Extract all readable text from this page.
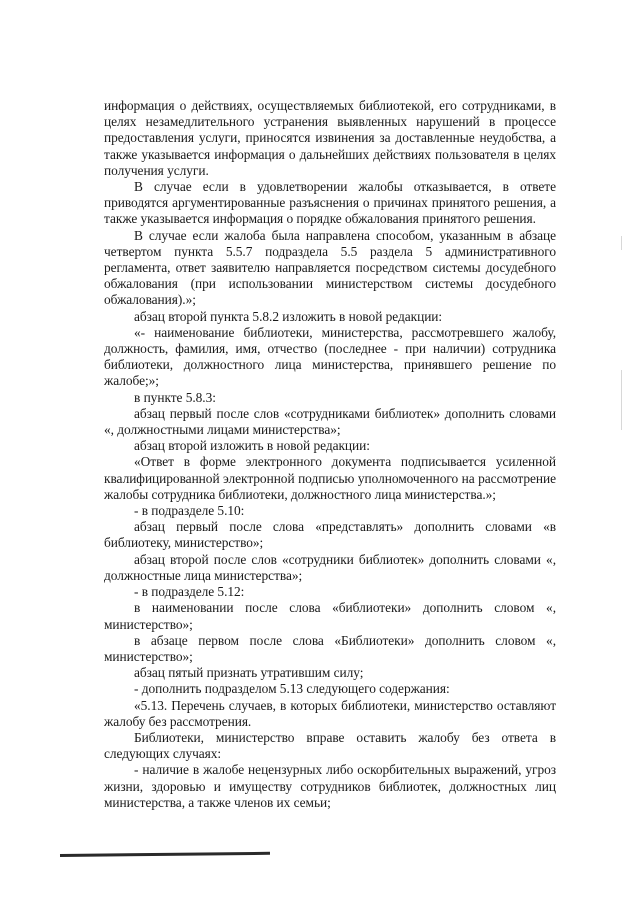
информация о действиях, осуществляемых библиотекой, его сотрудниками, в целях незамедлительного устранения выявленных нарушений в процессе предоставления услуги, приносятся извинения за доставленные неудобства, а также указывается информация о дальнейших действиях пользователя в целях получения услуги.

В случае если в удовлетворении жалобы отказывается, в ответе приводятся аргументированные разъяснения о причинах принятого решения, а также указывается информация о порядке обжалования принятого решения.

В случае если жалоба была направлена способом, указанным в абзаце четвертом пункта 5.5.7 подраздела 5.5 раздела 5 административного регламента, ответ заявителю направляется посредством системы досудебного обжалования (при использовании министерством системы досудебного обжалования).»;

абзац второй пункта 5.8.2 изложить в новой редакции:

«- наименование библиотеки, министерства, рассмотревшего жалобу, должность, фамилия, имя, отчество (последнее - при наличии) сотрудника библиотеки, должностного лица министерства, принявшего решение по жалобе;»;

в пункте 5.8.3:

абзац первый после слов «сотрудниками библиотек» дополнить словами «, должностными лицами министерства»;

абзац второй изложить в новой редакции:

«Ответ в форме электронного документа подписывается усиленной квалифицированной электронной подписью уполномоченного на рассмотрение жалобы сотрудника библиотеки, должностного лица министерства.»;

- в подразделе 5.10:

абзац первый после слова «представлять» дополнить словами «в библиотеку, министерство»;

абзац второй после слов «сотрудники библиотек» дополнить словами «, должностные лица министерства»;

- в подразделе 5.12:

в наименовании после слова «библиотеки» дополнить словом «, министерство»;

в абзаце первом после слова «Библиотеки» дополнить словом «, министерство»;

абзац пятый признать утратившим силу;

- дополнить подразделом 5.13 следующего содержания:

«5.13. Перечень случаев, в которых библиотеки, министерство оставляют жалобу без рассмотрения.

Библиотеки, министерство вправе оставить жалобу без ответа в следующих случаях:

- наличие в жалобе нецензурных либо оскорбительных выражений, угроз жизни, здоровью и имуществу сотрудников библиотек, должностных лиц министерства, а также членов их семьи;
